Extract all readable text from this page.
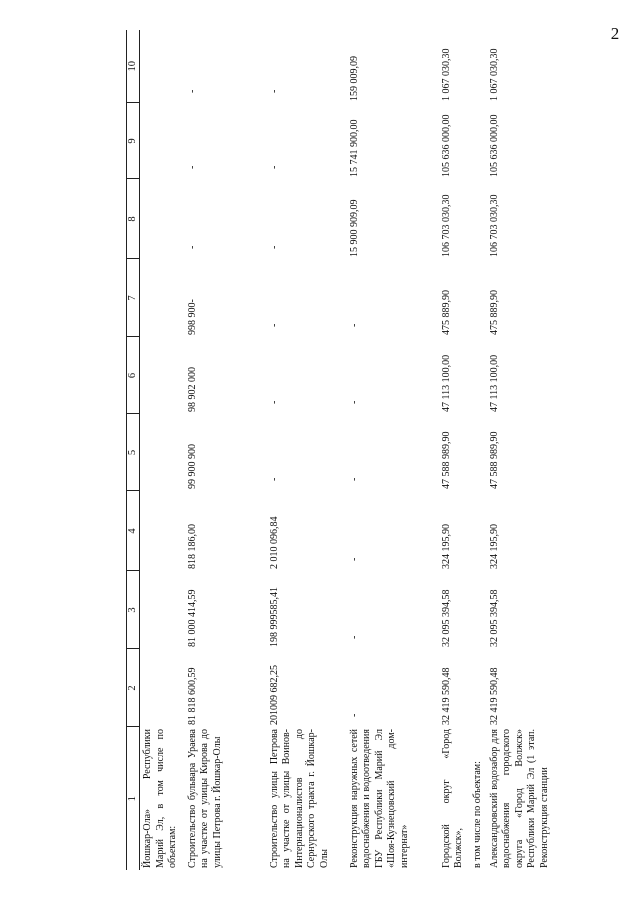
2
1	2	3	4	5	6	7	8	9	10
Йошкар-Ола» Республики Марий Эл, в том числе по объектам:									
Строительство бульвара Ураева на участке от улицы Кирова до улицы Петрова г. Йошкар-Олы	81 818 600,59	81 000 414,59	818 186,00	99 900 900	98 902 000	998 900-	-	-	-
Строительство улицы Петрова на участке от улицы Воинов-Интернационалистов до Сернурского тракта г. Йошкар-Олы	201009 682,25	198 999585,41	2 010 096,84	-	-	-	-	-	-
Реконструкция наружных сетей водоснабжения и водоотведения ГБУ Республики Марий Эл «Шоя-Кузнецовский дом-интернат»	-	-	-	-	-	-	15 900 909,09	15 741 900,00	159 009,09
Городской округ «Город Волжск»,	32 419 590,48	32 095 394,58	324 195,90	47 588 989,90	47 113 100,00	475 889,90	106 703 030,30	105 636 000,00	1 067 030,30
в том числе по объектам:									
Александровский водозабор для водоснабжения городского округа «Город Волжск» Республики Марий Эл (1 этап. Реконструкция станции	32 419 590,48	32 095 394,58	324 195,90	47 588 989,90	47 113 100,00	475 889,90	106 703 030,30	105 636 000,00	1 067 030,30
